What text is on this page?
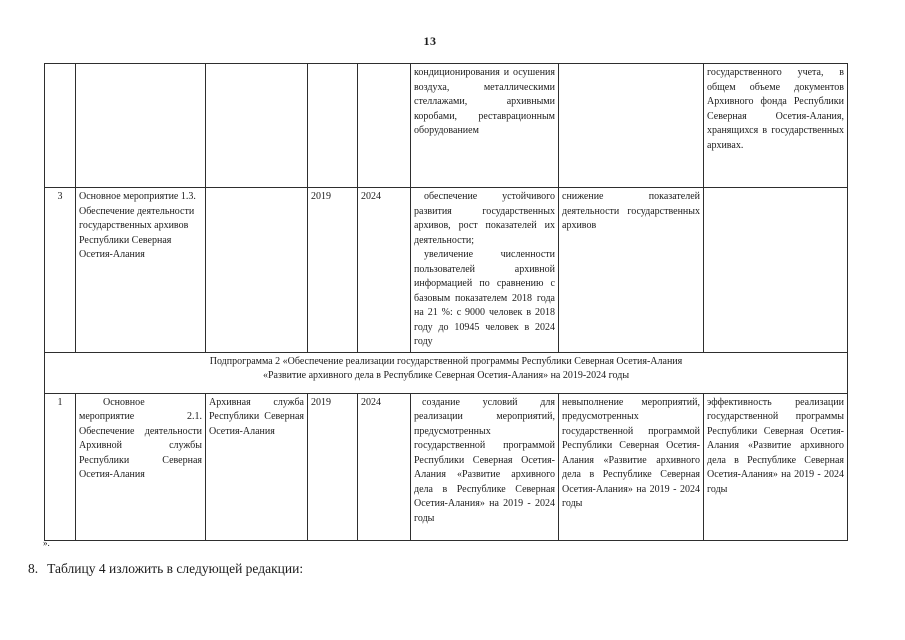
13
					кондиционирования и осушения воздуха, металлическими стеллажами, архивными коробами, реставрационным оборудованием		государственного учета, в общем объеме документов Архивного фонда Республики Северная Осетия-Алания, хранящихся в государственных архивах.
3	Основное мероприятие 1.3. Обеспечение деятельности государственных архивов Республики Северная Осетия-Алания		2019	2024	обеспечение устойчивого развития государственных архивов, рост показателей их деятельности;

увеличение численности пользователей архивной информацией по сравнению с базовым показателем 2018 года на 21 %: с 9000 человек в 2018 году до 10945 человек в 2024 году	снижение показателей деятельности государственных архивов	

Подпрограмма 2 «Обеспечение реализации государственной программы Республики Северная Осетия-Алания
«Развитие архивного дела в Республике Северная Осетия-Алания» на 2019-2024 годы							

1	Основное мероприятие 2.1. Обеспечение деятельности Архивной службы Республики Северная Осетия-Алания	Архивная служба Республики Северная Осетия-Алания	2019	2024	создание условий для реализации мероприятий, предусмотренных государственной программой Республики Северная Осетия-Алания «Развитие архивного дела в Республике Северная Осетия-Алания» на 2019 - 2024 годы	невыполнение мероприятий, предусмотренных государственной программой Республики Северная Осетия-Алания «Развитие архивного дела в Республике Северная Осетия-Алания» на 2019 - 2024 годы	эффективность реализации государственной программы Республики Северная Осетия-Алания «Развитие архивного дела в Республике Северная Осетия-Алания» на 2019 - 2024 годы
».
8. Таблицу 4 изложить в следующей редакции:
